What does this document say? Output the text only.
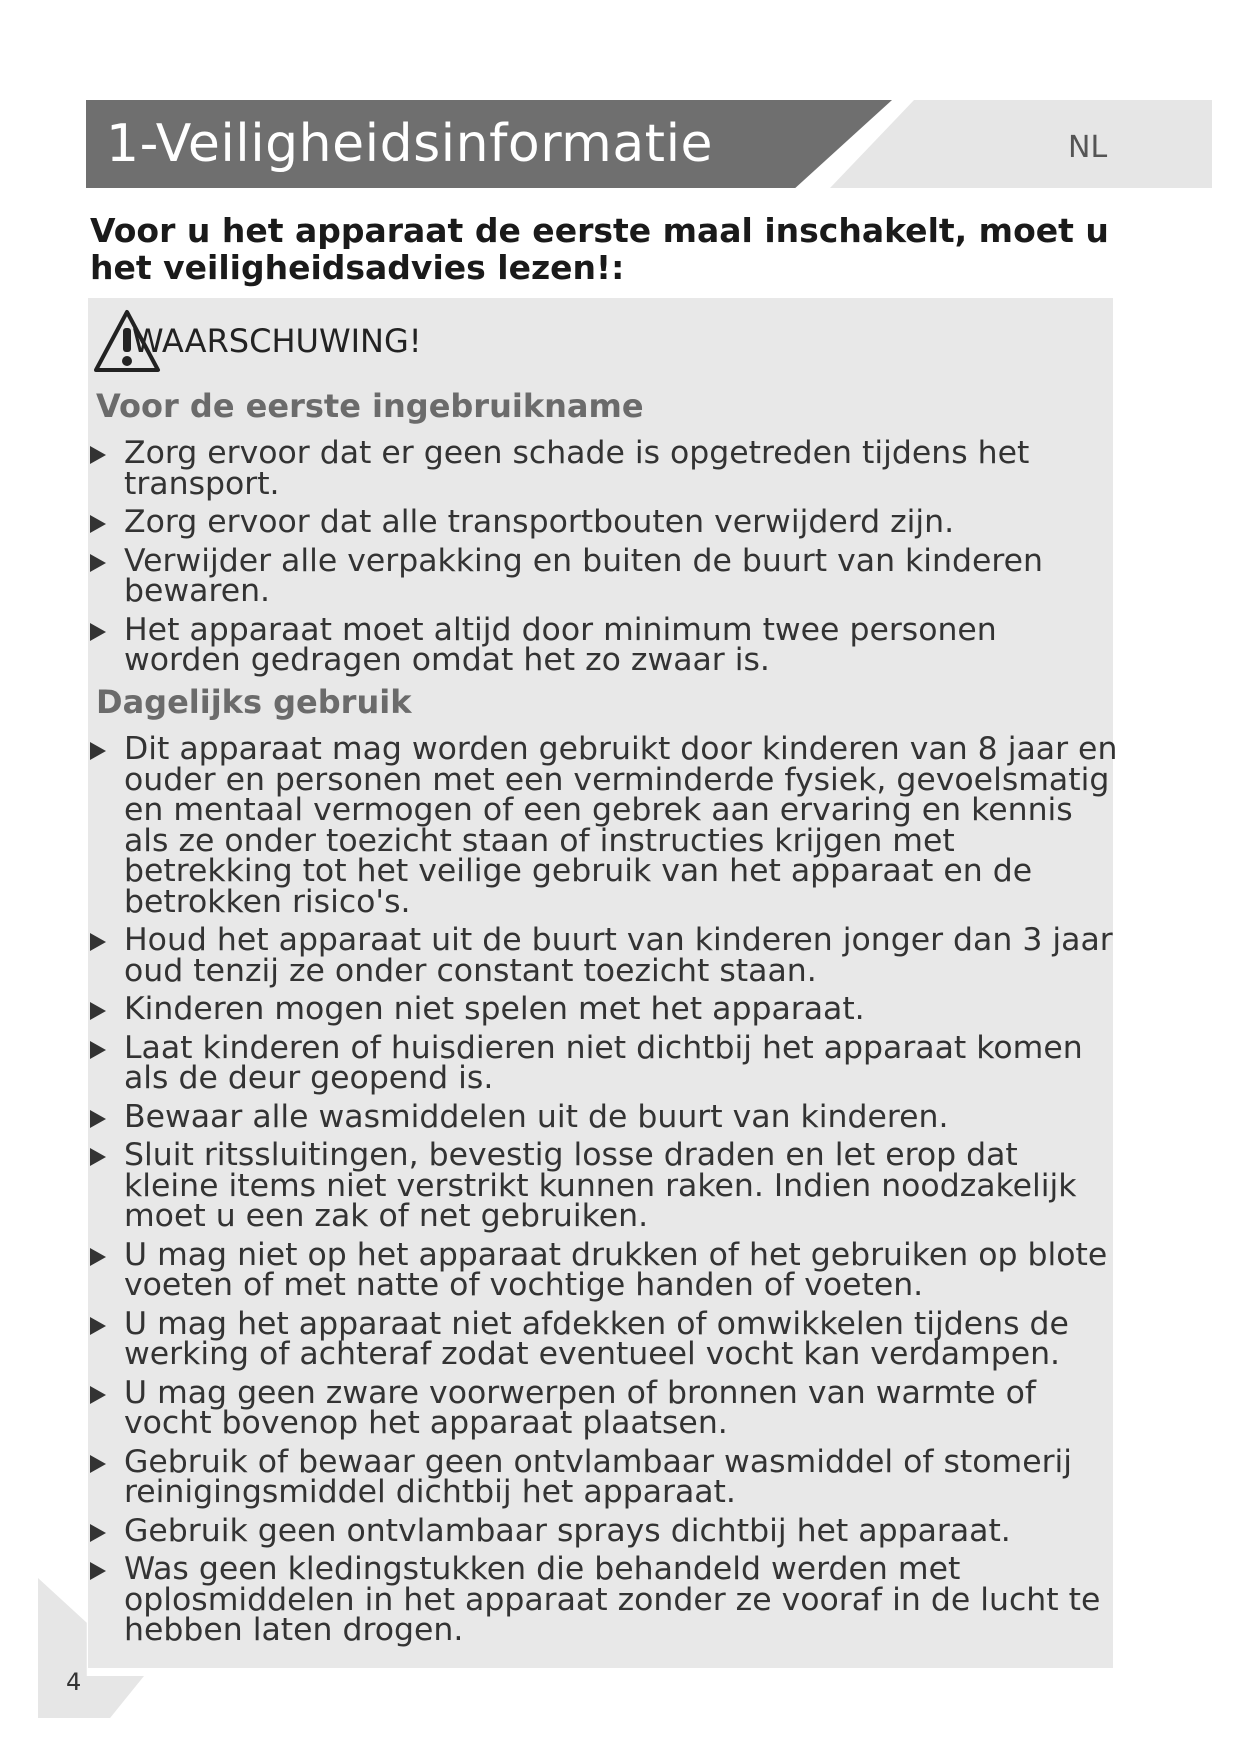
1-Veiligheidsinformatie	NL

Voor u het apparaat de eerste maal inschakelt, moet u het veiligheidsadvies lezen!:

WAARSCHUWING!
Voor de eerste ingebruikname
Zorg ervoor dat er geen schade is opgetreden tijdens het transport.
Zorg ervoor dat alle transportbouten verwijderd zijn.
Verwijder alle verpakking en buiten de buurt van kinderen bewaren.
Het apparaat moet altijd door minimum twee personen worden gedragen omdat het zo zwaar is.
Dagelijks gebruik
Dit apparaat mag worden gebruikt door kinderen van 8 jaar en ouder en personen met een verminderde fysiek, gevoelsmatig en mentaal vermogen of een gebrek aan ervaring en kennis als ze onder toezicht staan of instructies krijgen met betrekking tot het veilige gebruik van het apparaat en de betrokken risico's.
Houd het apparaat uit de buurt van kinderen jonger dan 3 jaar oud tenzij ze onder constant toezicht staan.
Kinderen mogen niet spelen met het apparaat.
Laat kinderen of huisdieren niet dichtbij het apparaat komen als de deur geopend is.
Bewaar alle wasmiddelen uit de buurt van kinderen.
Sluit ritssluitingen, bevestig losse draden en let erop dat kleine items niet verstrikt kunnen raken. Indien noodzakelijk moet u een zak of net gebruiken.
U mag niet op het apparaat drukken of het gebruiken op blote voeten of met natte of vochtige handen of voeten.
U mag het apparaat niet afdekken of omwikkelen tijdens de werking of achteraf zodat eventueel vocht kan verdampen.
U mag geen zware voorwerpen of bronnen van warmte of vocht bovenop het apparaat plaatsen.
Gebruik of bewaar geen ontvlambaar wasmiddel of stomerij reinigingsmiddel dichtbij het apparaat.
Gebruik geen ontvlambaar sprays dichtbij het apparaat.
Was geen kledingstukken die behandeld werden met oplosmiddelen in het apparaat zonder ze vooraf in de lucht te hebben laten drogen.
4
